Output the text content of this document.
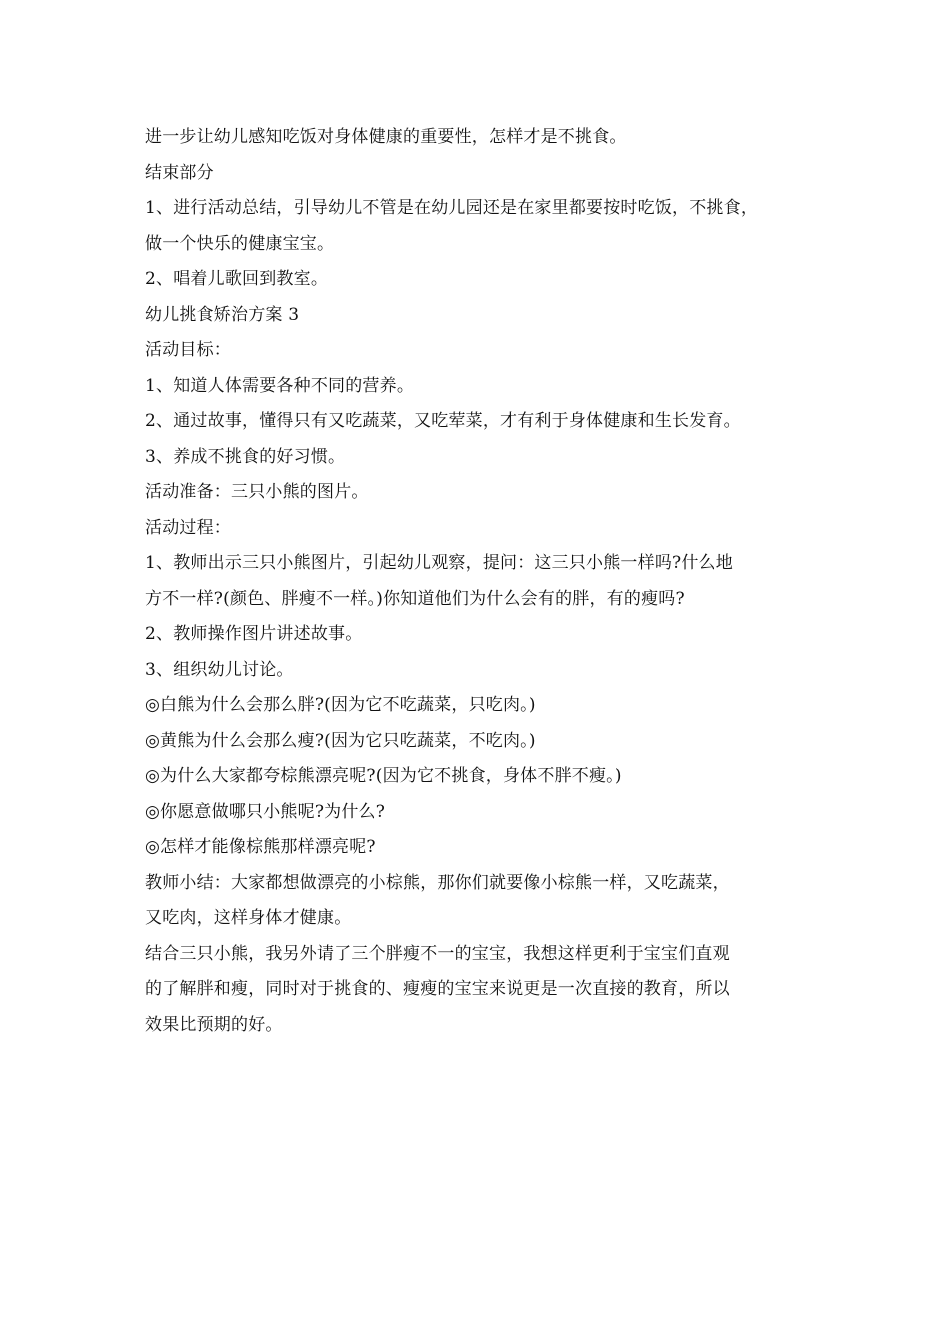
进一步让幼儿感知吃饭对身体健康的重要性，怎样才是不挑食。

结束部分

1、进行活动总结，引导幼儿不管是在幼儿园还是在家里都要按时吃饭，不挑食，

做一个快乐的健康宝宝。

2、唱着儿歌回到教室。

幼儿挑食矫治方案 3

活动目标：

1、知道人体需要各种不同的营养。

2、通过故事，懂得只有又吃蔬菜，又吃荤菜，才有利于身体健康和生长发育。

3、养成不挑食的好习惯。

活动准备：三只小熊的图片。

活动过程：

1、教师出示三只小熊图片，引起幼儿观察，提问：这三只小熊一样吗?什么地

方不一样?(颜色、胖瘦不一样。)你知道他们为什么会有的胖，有的瘦吗?

2、教师操作图片讲述故事。

3、组织幼儿讨论。

◎白熊为什么会那么胖?(因为它不吃蔬菜，只吃肉。)

◎黄熊为什么会那么瘦?(因为它只吃蔬菜，不吃肉。)

◎为什么大家都夸棕熊漂亮呢?(因为它不挑食，身体不胖不瘦。)

◎你愿意做哪只小熊呢?为什么?

◎怎样才能像棕熊那样漂亮呢?

教师小结：大家都想做漂亮的小棕熊，那你们就要像小棕熊一样，又吃蔬菜，

又吃肉，这样身体才健康。

结合三只小熊，我另外请了三个胖瘦不一的宝宝，我想这样更利于宝宝们直观

的了解胖和瘦，同时对于挑食的、瘦瘦的宝宝来说更是一次直接的教育，所以

效果比预期的好。
